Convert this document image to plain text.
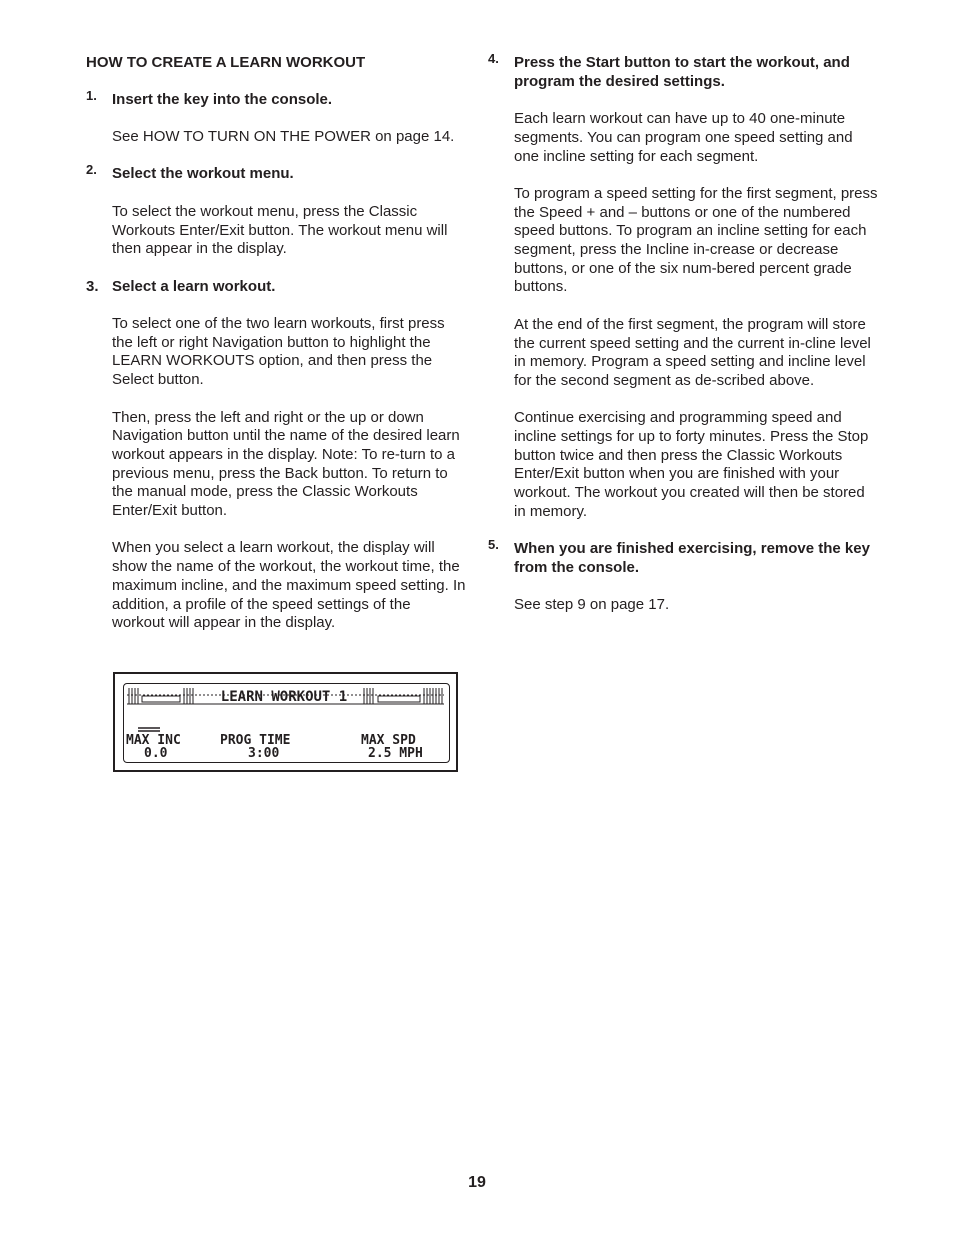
HOW TO CREATE A LEARN WORKOUT
1. Insert the key into the console.
See HOW TO TURN ON THE POWER on page 14.
2. Select the workout menu.
To select the workout menu, press the Classic Workouts Enter/Exit button. The workout menu will then appear in the display.
3. Select a learn workout.
To select one of the two learn workouts, first press the left or right Navigation button to highlight the LEARN WORKOUTS option, and then press the Select button.
Then, press the left and right or the up or down Navigation button until the name of the desired learn workout appears in the display. Note: To re-turn to a previous menu, press the Back button. To return to the manual mode, press the Classic Workouts Enter/Exit button.
When you select a learn workout, the display will show the name of the workout, the workout time, the maximum incline, and the maximum speed setting. In addition, a profile of the speed settings of the workout will appear in the display.
LEARN WORKOUT 1
MAX INC
0.0
PROG TIME
3:00
MAX SPD
2.5 MPH
4. Press the Start button to start the workout, and program the desired settings.
Each learn workout can have up to 40 one-minute segments. You can program one speed setting and one incline setting for each segment.
To program a speed setting for the first segment, press the Speed + and – buttons or one of the numbered speed buttons. To program an incline setting for each segment, press the Incline in-crease or decrease buttons, or one of the six num-bered percent grade buttons.
At the end of the first segment, the program will store the current speed setting and the current in-cline level in memory. Program a speed setting and incline level for the second segment as de-scribed above.
Continue exercising and programming speed and incline settings for up to forty minutes. Press the Stop button twice and then press the Classic Workouts Enter/Exit button when you are finished with your workout. The workout you created will then be stored in memory.
5. When you are finished exercising, remove the key from the console.
See step 9 on page 17.
19
